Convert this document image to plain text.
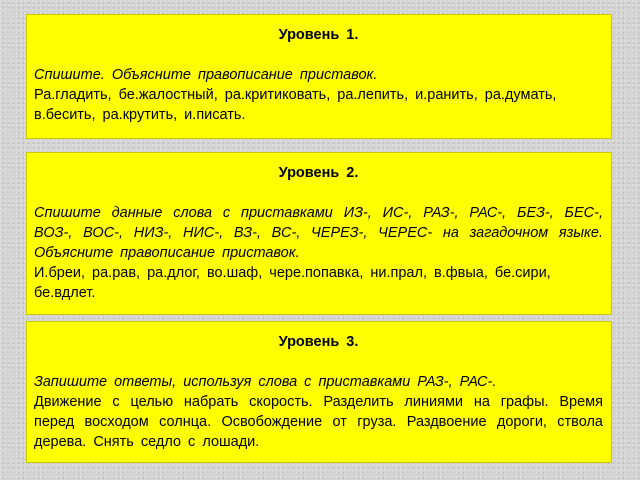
Уровень 1.
Спишите. Объясните правописание приставок.
Ра.гладить, бе.жалостный, ра.критиковать, ра.лепить, и.ранить, ра.думать, в.бесить, ра.крутить, и.писать.
Уровень 2.
Спишите данные слова с приставками ИЗ-, ИС-, РАЗ-, РАС-, БЕЗ-, БЕС-, ВОЗ-, ВОС-, НИЗ-, НИС-, ВЗ-, ВС-, ЧЕРЕЗ-, ЧЕРЕС- на загадочном языке. Объясните правописание приставок.
И.бреи, ра.рав, ра.длог, во.шаф, чере.попавка, ни.прал, в.фвыа, бе.сири, бе.вдлет.
Уровень 3.
Запишите ответы, используя слова с приставками РАЗ-, РАС-.
Движение с целью набрать скорость. Разделить линиями на графы. Время перед восходом солнца. Освобождение от груза. Раздвоение дороги, ствола дерева. Снять седло с лошади.
